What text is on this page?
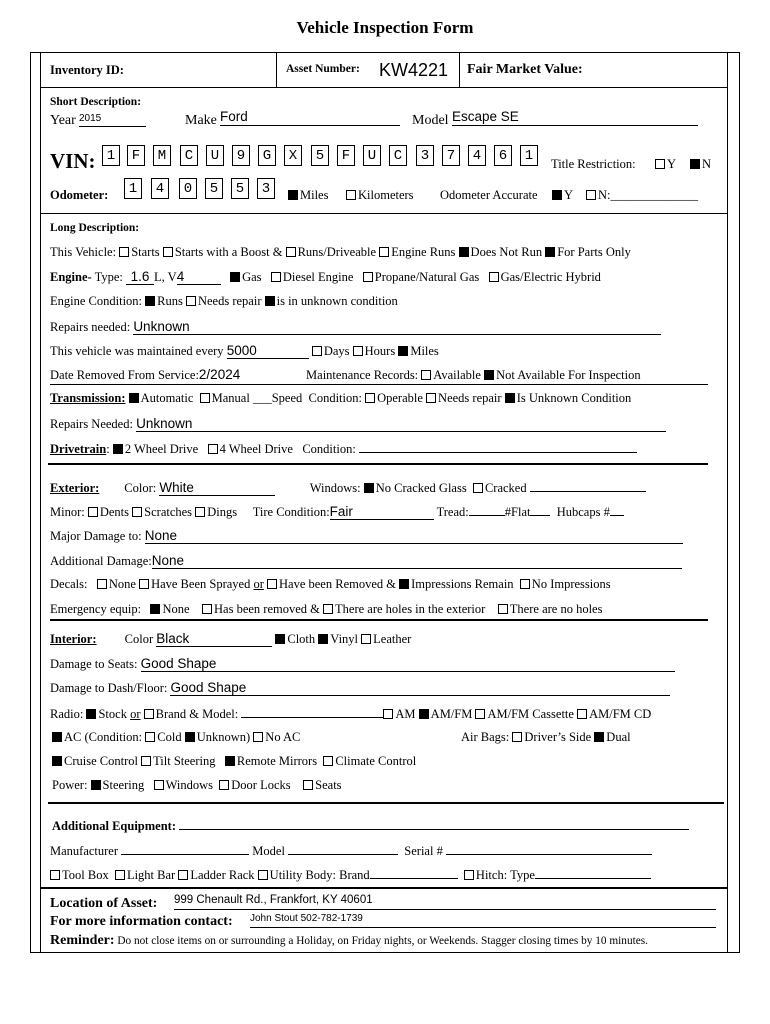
Vehicle Inspection Form
Inventory ID:	Asset Number: KW4221 Fair Market Value:
Short Description:
Year 2015	Make Ford	Model Escape SE
VIN: 1	F	M	C	U	9	G	X	5	F	U	C	3	7	4	6	1	Title Restriction:	Y	N
Odometer:	1	4	0	5	5	3	Miles	Kilometers Odometer Accurate	Y	N:______________
Long Description:
This Vehicle: Starts Starts with a Boost & Runs/Driveable Engine Runs Does Not Run For Parts Only
Engine- Type: 1.6 L, V4	Gas Diesel Engine Propane/Natural Gas Gas/Electric Hybrid
Engine Condition: Runs Needs repair is in unknown condition
Repairs needed: Unknown
This vehicle was maintained every 5000	Days Hours Miles
Date Removed From Service:2/2024	Maintenance Records: Available Not Available For Inspection
Transmission: Automatic Manual ___Speed Condition: Operable Needs repair Is Unknown Condition
Repairs Needed: Unknown
Drivetrain: 2 Wheel Drive 4 Wheel Drive Condition:
Exterior: Color: White	Windows: No Cracked Glass Cracked
Minor: Dents Scratches Dings Tire Condition:Fair	Tread:	#Flat Hubcaps #
Major Damage to: None
Additional Damage:None
Decals: None Have Been Sprayed or Have been Removed & Impressions Remain No Impressions
Emergency equip: None Has been removed & There are holes in the exterior There are no holes
Interior: Color Black	Cloth Vinyl Leather
Damage to Seats: Good Shape
Damage to Dash/Floor: Good Shape
Radio: Stock or Brand & Model:	AM AM/FM AM/FM Cassette AM/FM CD
AC (Condition: Cold Unknown) No AC	Air Bags: Driver’s Side Dual
Cruise Control Tilt Steering Remote Mirrors Climate Control
Power: Steering Windows Door Locks Seats
Additional Equipment:
Manufacturer	Model	Serial #
Tool Box Light Bar Ladder Rack Utility Body: Brand	Hitch: Type
Location of Asset: 999 Chenault Rd., Frankfort, KY 40601
For more information contact: John Stout 502-782-1739
Reminder: Do not close items on or surrounding a Holiday, on Friday nights, or Weekends. Stagger closing times by 10 minutes.
